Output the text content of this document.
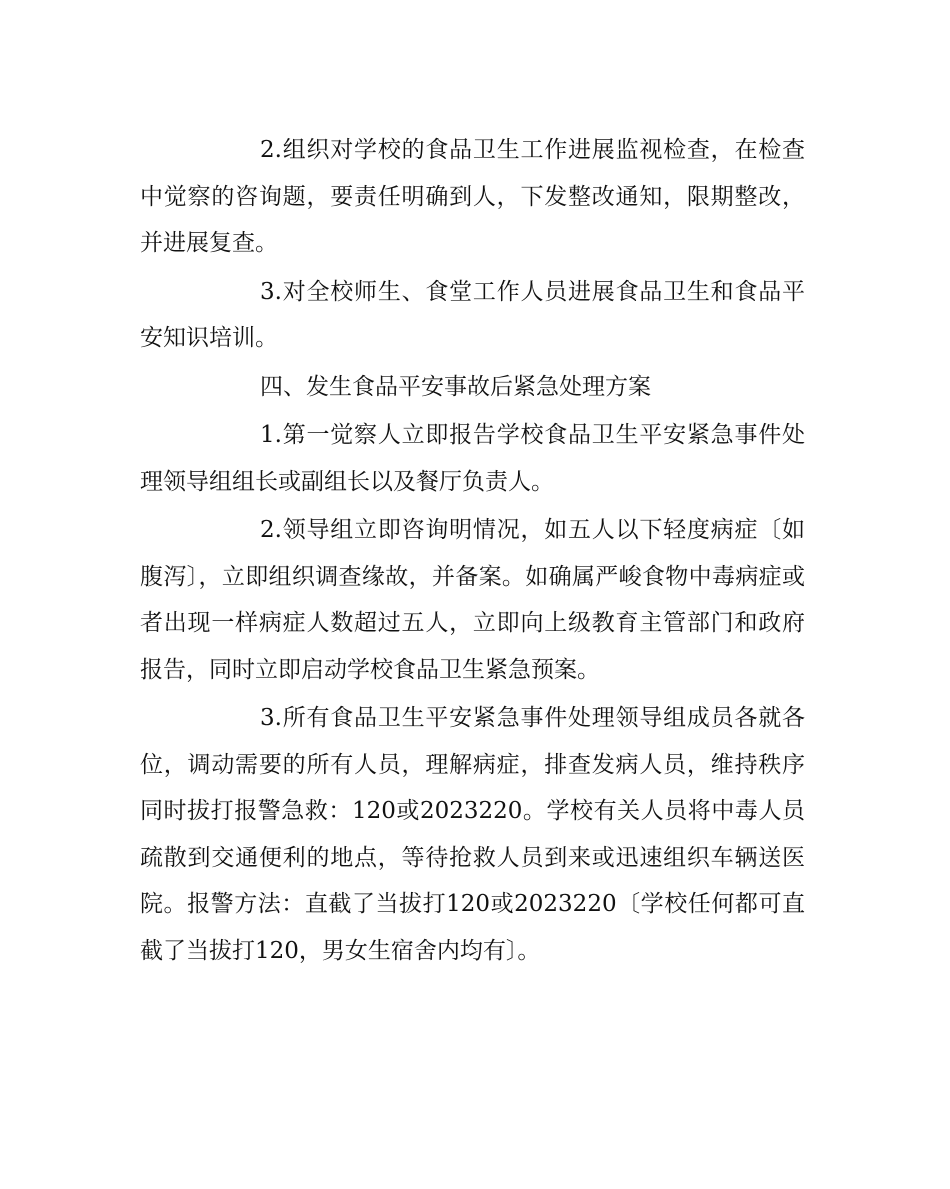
2.组织对学校的食品卫生工作进展监视检查，在检查中觉察的咨询题，要责任明确到人，下发整改通知，限期整改，并进展复查。

3.对全校师生、食堂工作人员进展食品卫生和食品平安知识培训。

四、发生食品平安事故后紧急处理方案

1.第一觉察人立即报告学校食品卫生平安紧急事件处理领导组组长或副组长以及餐厅负责人。

2.领导组立即咨询明情况，如五人以下轻度病症〔如腹泻〕，立即组织调查缘故，并备案。如确属严峻食物中毒病症或者出现一样病症人数超过五人，立即向上级教育主管部门和政府报告，同时立即启动学校食品卫生紧急预案。

3.所有食品卫生平安紧急事件处理领导组成员各就各位，调动需要的所有人员，理解病症，排查发病人员，维持秩序同时拔打报警急救：120或2023220。学校有关人员将中毒人员疏散到交通便利的地点，等待抢救人员到来或迅速组织车辆送医院。报警方法：直截了当拔打120或2023220〔学校任何都可直截了当拔打120，男女生宿舍内均有〕。
